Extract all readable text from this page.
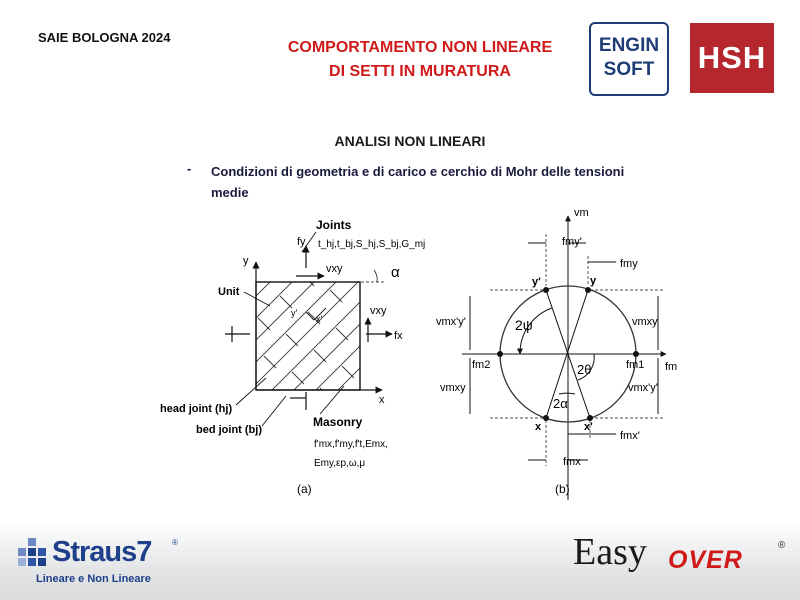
SAIE BOLOGNA 2024
COMPORTAMENTO NON LINEARE
DI SETTI IN MURATURA
ENGIN
SOFT	HSH
ANALISI NON LINEARI
- Condizioni di geometria e di carico e cerchio di Mohr delle tensioni medie
y
x
y'
x'
α
fy
vxy
vxy
fx
Unit
Joints
t_hj,t_bj,S_hj,S_bj,G_mj
head joint (hj)
bed joint (bj)
Masonry
f'mx,f'my,f't,Emx,
Emy,εp,ω,μ
(a)
vm
fm
y'	y
x	x'
2ψ
2θ
2α
fmy'
fmy
vmx'y'
vmxy
fm2
vmxy
vmx'y'
fm1
fmx'
fmx
(b)
Straus7	®
Lineare e Non Lineare
Easy OVER
®
